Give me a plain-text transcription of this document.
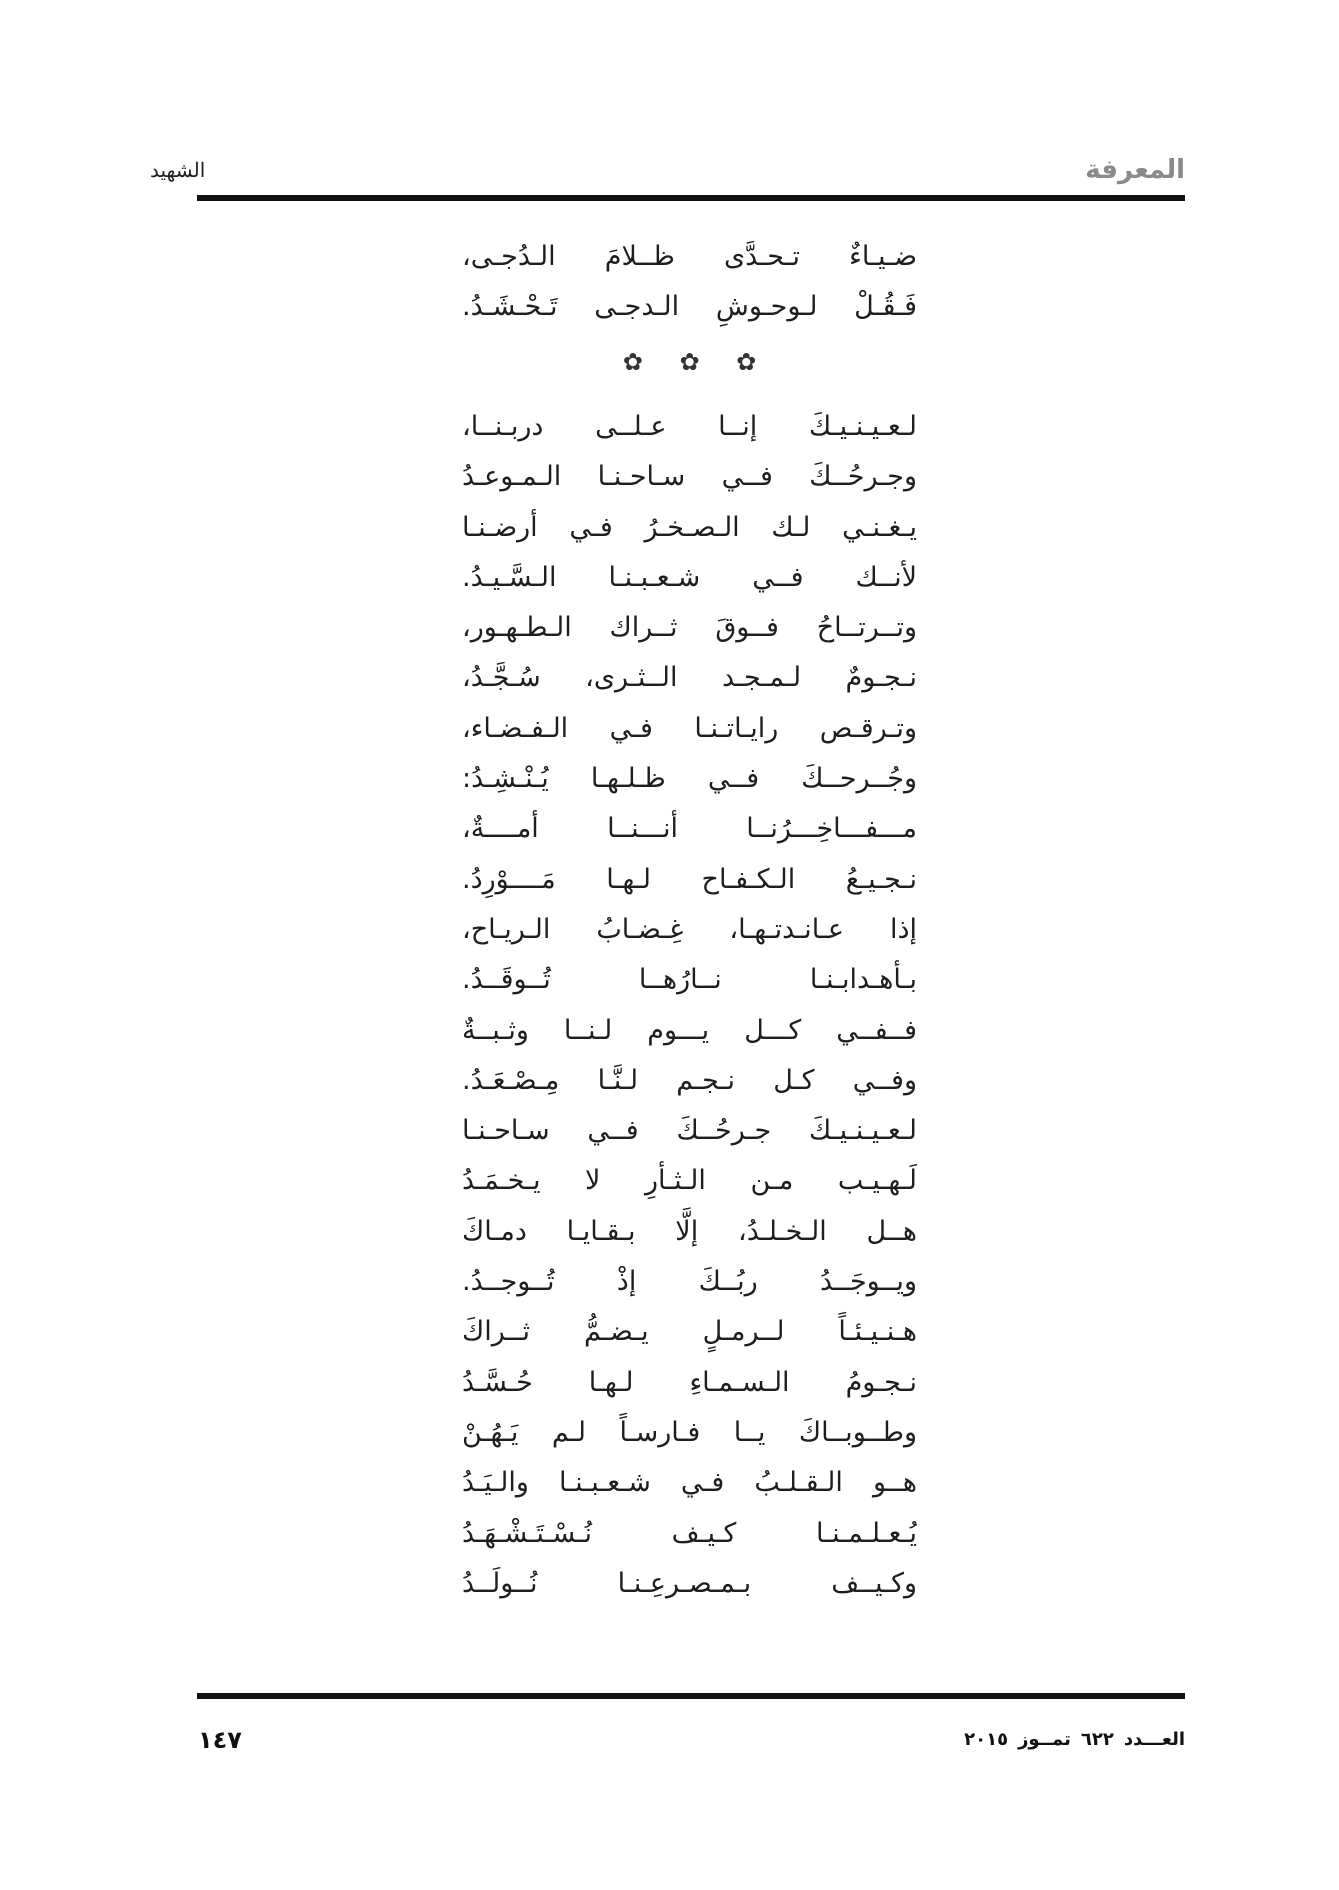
المعرفة
الشهيد
ضـيـاءٌ تـحـدَّى ظــلامَ الـدُجـى،
فَـقُـلْ لـوحـوشِ الـدجـى تَـحْـشَـدُ.
✿ ✿ ✿
لـعـيـنـيـكَ إنــا عـلــى دربـنــا،
وجـرحُــكَ فــي سـاحـنـا الـمـوعـدُ
يـغـنـي لـك الـصـخـرُ فـي أرضـنـا
لأنــك فــي شـعـبـنـا الـسَّـيـدُ.
وتــرتــاحُ فــوقَ ثــراك الـطـهـور،
نـجـومٌ لـمـجـد الــثـرى، سُـجَّـدُ،
وتـرقـص رايـاتـنـا فـي الـفـضـاء،
وجُــرحــكَ فــي ظـلـهـا يُـنْـشِـدُ:
مـــفـــاخِـــرُنــا أنـــنــا أمــــةٌ،
نـجـيـعُ الـكـفـاح لـهـا مَــــوْرِدُ.
إذا عـانـدتـهـا، غِـضـابُ الـريـاح،
بـأهـدابـنـا نــارُهــا تُــوقَــدُ.
فــفــي كـــل يـــوم لـنــا وثـبــةٌ
وفــي كـل نـجـم لـنَّـا مِـصْـعَـدُ.
لـعـيـنـيـكَ جـرحُــكَ فــي سـاحـنـا
لَـهـيـب مـن الـثـأرِ لا يـخـمَـدُ
هــل الـخـلـدُ، إلَّا بـقـايـا دمـاكَ
ويــوجَــدُ ربُــكَ إذْ تُــوجــدُ.
هـنـيـئـاً لــرمـلٍ يـضـمُّ ثــراكَ
نـجـومُ الـسـمـاءِ لـهـا حُـسَّـدُ
وطــوبــاكَ يــا فـارسـاً لـم يَـهُـنْ
هــو الـقـلـبُ فـي شـعـبـنـا والـيَـدُ
يُـعـلـمـنـا كـيـف نُـسْـتَـشْـهَـدُ
وكـيــف بـمـصـرعِـنـا نُــولَــدُ
العـــدد٦٢٢تمــوز٢٠١٥
١٤٧
